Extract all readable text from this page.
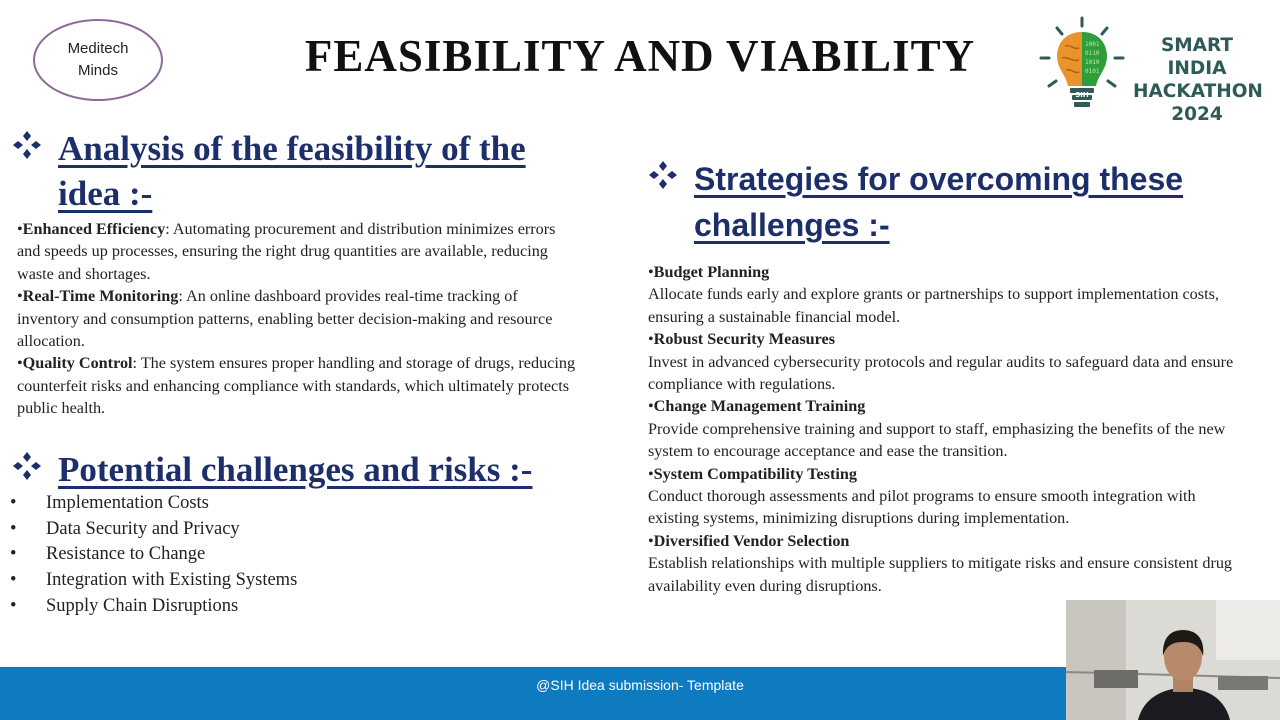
Meditech
Minds	FEASIBILITY AND VIABILITY	1001
0110
1010
0101
SIH
SMART INDIA
HACKATHON
2024
Analysis of the feasibility of the
idea :-

•Enhanced Efficiency: Automating procurement and distribution minimizes errors and speeds up processes, ensuring the right drug quantities are available, reducing waste and shortages.

•Real-Time Monitoring: An online dashboard provides real-time tracking of inventory and consumption patterns, enabling better decision-making and resource allocation.

•Quality Control: The system ensures proper handling and storage of drugs, reducing counterfeit risks and enhancing compliance with standards, which ultimately protects public health.

Potential challenges and risks :-
•	Implementation Costs
•	Data Security and Privacy
•	Resistance to Change
•	Integration with Existing Systems
•	Supply Chain Disruptions
Strategies for overcoming these
challenges :-

•Budget Planning

Allocate funds early and explore grants or partnerships to support implementation costs, ensuring a sustainable financial model.

•Robust Security Measures

Invest in advanced cybersecurity protocols and regular audits to safeguard data and ensure compliance with regulations.

•Change Management Training

Provide comprehensive training and support to staff, emphasizing the benefits of the new system to encourage acceptance and ease the transition.

•System Compatibility Testing

Conduct thorough assessments and pilot programs to ensure smooth integration with existing systems, minimizing disruptions during implementation.

•Diversified Vendor Selection

Establish relationships with multiple suppliers to mitigate risks and ensure consistent drug availability even during disruptions.

@SIH Idea submission- Template
